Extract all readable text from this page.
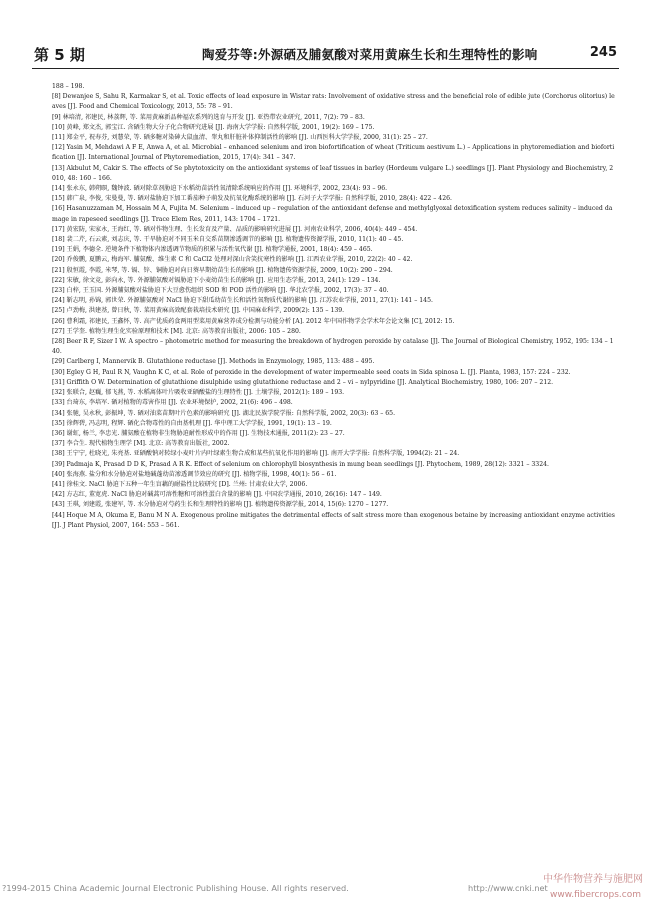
第 5 期	陶爱芬等:外源硒及脯氨酸对菜用黄麻生长和生理特性的影响	245

188 – 198.

[8] Dewanjee S, Sahu R, Karmakar S, et al. Toxic effects of lead exposure in Wistar rats: Involvement of oxidative stress and the beneficial role of edible jute (Corchorus olitorius) leaves [J]. Food and Chemical Toxicology, 2013, 55: 78 – 91.

[9] 林培清, 祁建民, 林荔辉, 等. 菜用黄麻新品种福农系列的选育与开发 [J]. 亚热带农业研究, 2011, 7(2): 79 – 83.

[10] 黄峰, 郑文杰, 郭宝江. 含硒生物大分子化合物研究进展 [J]. 海南大学学报: 自然科学版, 2001, 19(2): 169 – 175.

[11] 郑金平, 祝寿芬, 刘慧荣, 等. 硒多糖对染砷大鼠血清、睾丸和肝脏补体抑制活性的影响 [J]. 山西医科大学学报, 2000, 31(1): 25 – 27.

[12] Yasin M, Mehdawi A F E, Anwa A, et al. Microbial – enhanced selenium and iron biofortification of wheat (Triticum aestivum L.) – Applications in phytoremediation and biofortification [J]. International Journal of Phytoremediation, 2015, 17(4): 341 – 347.

[13] Akbulut M, Cakir S. The effects of Se phytotoxicity on the antioxidant systems of leaf tissues in barley (Hordeum vulgare L.) seedlings [J]. Plant Physiology and Biochemistry, 2010, 48: 160 – 166.

[14] 张永东, 韩朔暝, 魏钟波. 硒对除草剂胁迫下水稻幼苗活性氧清除系统响应的作用 [J]. 环境科学, 2002, 23(4): 93 – 96.

[15] 韩广泉, 李俊, 宋曼曼, 等. 硒对盐胁迫下加工番茄种子萌发及抗氧化酶系统的影响 [J]. 石河子大学学报: 自然科学版, 2010, 28(4): 422 – 426.

[16] Hasanuzzaman M, Hossain M A, Fujita M. Selenium – induced up – regulation of the antioxidant defense and methylglyoxal detoxification system reduces salinity – induced damage in rapeseed seedlings [J]. Trace Elem Res, 2011, 143: 1704 – 1721.

[17] 黄宏防, 宋家永, 王海红, 等. 硒对作物生理、生长发育及产量、品质的影响研究进展 [J]. 河南农业科学, 2006, 40(4): 449 – 454.

[18] 裴二芹, 石云素, 刘志庆, 等. 干旱胁迫对不同玉米自交系苗期渗透调节的影响 [J]. 植物遗传资源学报, 2010, 11(1): 40 – 45.

[19] 王娟, 李德全. 逆境条件下植物体内渗透调节物质的积累与活性氧代谢 [J]. 植物学通报, 2001, 18(4): 459 – 465.

[20] 乔俊鹏, 夏鹏云, 梅海军. 脯氨酸、维生素 C 和 CaCl2 处理对深山含笑抗寒性的影响 [J]. 江西农业学报, 2010, 22(2): 40 – 42.

[21] 殷恒霞, 李霞, 米琴, 等. 镉、锌、铜胁迫对向日葵早期幼苗生长的影响 [J]. 植物遗传资源学报, 2009, 10(2): 290 – 294.

[22] 宋敏, 徐文竞, 彭向永, 等. 外源脯氨酸对镉胁迫下小麦幼苗生长的影响 [J]. 应用生态学报, 2013, 24(1): 129 – 134.

[23] 白梓, 王玉国. 外源脯氨酸对盐胁迫下大豆愈伤组织 SOD 和 POD 活性的影响 [J]. 华北农学报, 2002, 17(3): 37 – 40.

[24] 靳志明, 孙锦, 郭世荣. 外源脯氨酸对 NaCl 胁迫下甜瓜幼苗生长和活性氧物质代谢的影响 [J]. 江苏农业学报, 2011, 27(1): 141 – 145.

[25] 卢劲梅, 洪建基, 曾日秋, 等. 菜用黄麻高效配套栽培技术研究 [J]. 中国麻业科学, 2009(2): 135 – 139.

[26] 曹利霜, 祁建民, 王鑫怀, 等. 高产优质药食两用型菜用黄麻营养成分检测与功能分析 [A]. 2012 年中国作物学会学术年会论文集 [C], 2012: 15.

[27] 王学奎. 植物生理生化实验原理和技术 [M]. 北京: 高等教育出版社, 2006: 105 – 280.

[28] Beer R F, Sizer I W. A spectro – photometric method for measuring the breakdown of hydrogen peroxide by catalase [J]. The Journal of Biological Chemistry, 1952, 195: 134 – 140.

[29] Carlberg I, Mannervik B. Glutathione reductase [J]. Methods in Enzymology, 1985, 113: 488 – 495.

[30] Egley G H, Paul R N, Vaughn K C, et al. Role of peroxide in the development of water impermeable seed coats in Sida spinosa L. [J]. Planta, 1983, 157: 224 – 232.

[31] Griffith O W. Determination of glutathione disulphide using glutathione reductase and 2 – vi – nylpyridine [J]. Analytical Biochemistry, 1980, 106: 207 – 212.

[32] 张联合, 赵巍, 郁飞燕, 等. 水稻离体叶片吸收亚硒酸盐的生理特性 [J]. 土壤学报, 2012(1): 189 – 193.

[33] 台琦东, 李培军. 硒对植物的毒害作用 [J]. 农业环境保护, 2002, 21(6): 496 – 498.

[34] 张驰, 吴永秋, 彭振坤, 等. 硒对油菜苗期叶片色素的影响研究 [J]. 湖北民族学院学报: 自然科学版, 2002, 20(3): 63 – 65.

[35] 徐辉碧, 冯志明, 程辉. 硒化合物毒性的自由基机理 [J]. 华中理工大学学报, 1991, 19(1): 13 – 19.

[36] 谢虹, 杨兰, 李忠光. 脯氨酸在植物非生物胁迫耐性形成中的作用 [J]. 生物技术通报, 2011(2): 23 – 27.

[37] 李合生. 现代植物生理学 [M]. 北京: 高等教育出版社, 2002.

[38] 王宁宁, 杜晓光, 朱亮基. 亚硒酸钠对转绿小麦叶片内叶绿素生物合成和某些抗氧化作用的影响 [J]. 南开大学学报: 自然科学版, 1994(2): 21 – 24.

[39] Padmaja K, Prasad D D K, Prasad A R K. Effect of selenium on chlorophyll biosynthesis in mung bean seedlings [J]. Phytochem, 1989, 28(12): 3321 – 3324.

[40] 张海燕. 盐分和水分胁迫对盐地碱蓬幼苗渗透调节效应的研究 [J]. 植物学报, 1998, 40(1): 56 – 61.

[41] 徐桂文. NaCl 胁迫下五种一年生盲藕的耐盐性比较研究 [D]. 兰州: 甘肃农业大学, 2006.

[42] 方志红, 董宽虎. NaCl 胁迫对碱蒿可溶性糖和可溶性蛋白含量的影响 [J]. 中国农学通报, 2010, 26(16): 147 – 149.

[43] 王琪, 刘建霞, 张建军, 等. 水分胁迫对芍药生长和生理特性的影响 [J]. 植物遗传资源学报, 2014, 15(6): 1270 – 1277.

[44] Hoque M A, Okuma E, Banu M N A. Exogenous proline mitigates the detrimental effects of salt stress more than exogenous betaine by increasing antioxidant enzyme activities [J]. J Plant Physiol, 2007, 164: 553 – 561.

?1994-2015 China Academic Journal Electronic Publishing House. All rights reserved.	http://www.cnki.net
中华作物营养与施肥网
www.fibercrops.com
